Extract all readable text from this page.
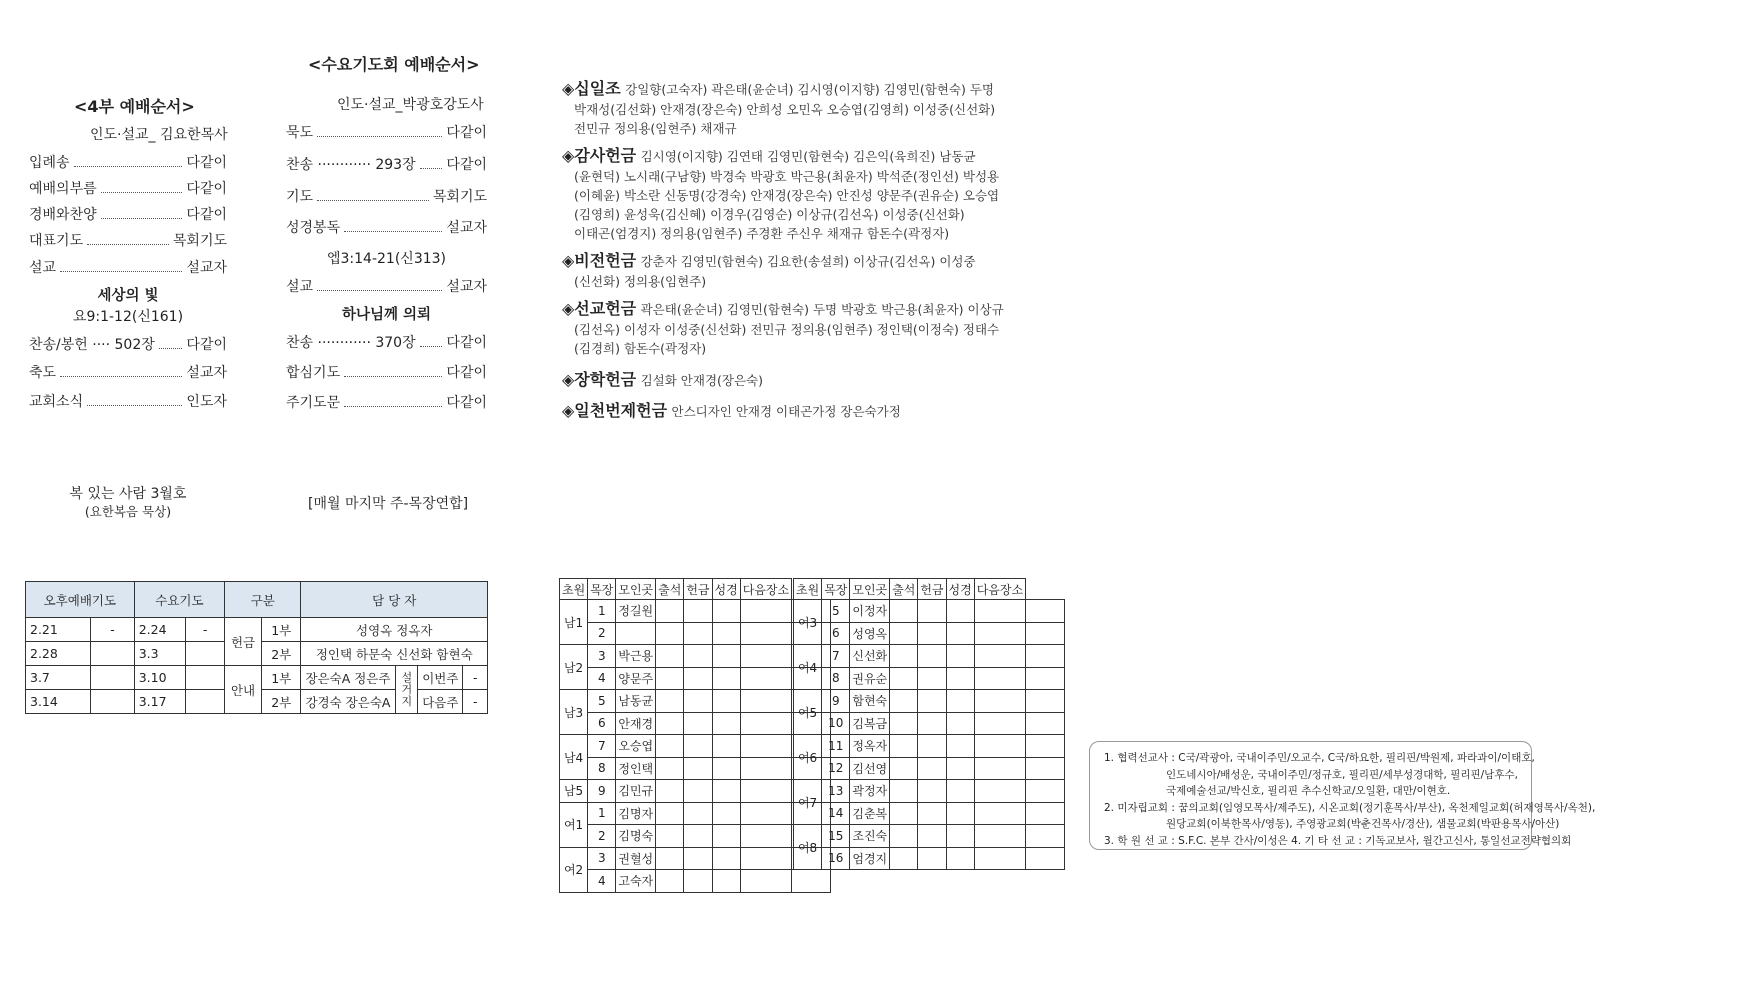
<4부 예배순서>
인도·설교_ 김요한목사
입례송	다같이
예배의부름	다같이
경배와찬양	다같이
대표기도	목회기도
설교	설교자
세상의 빛
요9:1-12(신161)
찬송/봉헌 ···· 502장 다같이
축도	설교자
교회소식	인도자
<수요기도회 예배순서>
인도·설교_박광호강도사
묵도	다같이
찬송 ············ 293장 다같이
기도	목회기도
성경봉독	설교자
엡3:14-21(신313)
설교	설교자
하나님께 의뢰
찬송 ············ 370장 다같이
합심기도	다같이
주기도문	다같이
복 있는 사람 3월호
(요한복음 묵상)	[매월 마지막 주-목장연합]
◈십일조 강일향(고숙자) 곽은태(윤순녀) 김시영(이지향) 김영민(함현숙) 두명
박재성(김선화) 안재경(장은숙) 안희성 오민옥 오승엽(김영희) 이성중(신선화)
전민규 정의용(임현주) 채재규
◈감사헌금 김시영(이지향) 김연태 김영민(함현숙) 김은익(육희진) 남동균
(윤현덕) 노시래(구남향) 박경숙 박광호 박근용(최윤자) 박석준(정인선) 박성용
(이혜윤) 박소란 신동명(강경숙) 안재경(장은숙) 안진성 양문주(권유순) 오승엽
(김영희) 윤성욱(김신혜) 이경우(김영순) 이상규(김선옥) 이성중(신선화)
이태곤(엄경지) 정의용(임현주) 주경환 주신우 채재규 함돈수(곽정자)
◈비전헌금 강춘자 김영민(함현숙) 김요한(송설희) 이상규(김선옥) 이성중
(신선화) 정의용(임현주)
◈선교헌금 곽은태(윤순녀) 김영민(함현숙) 두명 박광호 박근용(최윤자) 이상규
(김선옥) 이성자 이성중(신선화) 전민규 정의용(임현주) 정인택(이정숙) 정태수
(김경희) 함돈수(곽정자)
◈장학헌금 김설화 안재경(장은숙)
◈일천번제헌금 안스디자인 안재경 이태곤가정 장은숙가정
오후예배기도		수요기도		구분		담 당 자			
2.21	-	2.24	-	헌금	1부	성영옥 정옥자			
2.28		3.3			2부	정인택 하문숙 신선화 함현숙			
3.7		3.10		안내	1부	장은숙A 정은주	설거지	이번주	-
3.14		3.17			2부	강경숙 장은숙A		다음주	-
초원	목장	모인곳	출석	헌금	성경	다음장소	
남1	1	정길원					
	2						
남2	3	박근용					
	4	양문주					
남3	5	남동균					
	6	안재경					
남4	7	오승엽					
	8	정인택					
남5	9	김민규					
여1	1	김명자					
	2	김명숙					
여2	3	권혈성					
	4	고숙자					
초원	목장	모인곳	출석	헌금	성경	다음장소	
여3	5	이정자					
	6	성영옥					
여4	7	신선화					
	8	권유순					
여5	9	함현숙					
	10	김복금					
여6	11	정옥자					
	12	김선영					
여7	13	곽정자					
	14	김춘복					
여8	15	조진숙					
	16	엄경지					
1. 협력선교사 : C국/곽광아, 국내이주민/오교수, C국/하요한, 필리핀/박원제, 파라과이/이태호,
인도네시아/배성운, 국내이주민/정규호, 필리핀/세부성경대학, 필리핀/남후수,
국제예술선교/박신호, 필리핀 추수신학교/오일환, 대만/이현호.
2. 미자립교회 : 꿈의교회(임영모목사/제주도), 시온교회(정기훈목사/부산), 옥천제일교회(허재영목사/옥천),
원당교회(이북한목사/영동), 주영광교회(박춘건목사/경산), 샘물교회(박판용목사/아산)
3. 학 원 선 교 : S.F.C. 본부 간사/이성은 4. 기 타 선 교 : 기독교보사, 월간고신사, 통일선교전략협의회
